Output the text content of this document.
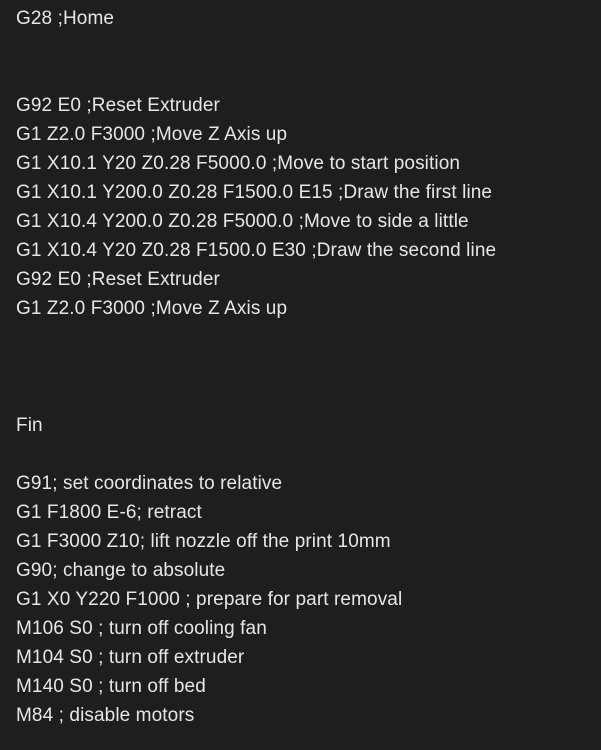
G28 ;Home
G92 E0 ;Reset Extruder
G1 Z2.0 F3000 ;Move Z Axis up
G1 X10.1 Y20 Z0.28 F5000.0 ;Move to start position
G1 X10.1 Y200.0 Z0.28 F1500.0 E15 ;Draw the first line
G1 X10.4 Y200.0 Z0.28 F5000.0 ;Move to side a little
G1 X10.4 Y20 Z0.28 F1500.0 E30 ;Draw the second line
G92 E0 ;Reset Extruder
G1 Z2.0 F3000 ;Move Z Axis up
Fin
G91; set coordinates to relative
G1 F1800 E-6; retract
G1 F3000 Z10; lift nozzle off the print 10mm
G90; change to absolute
G1 X0 Y220 F1000 ; prepare for part removal
M106 S0 ; turn off cooling fan
M104 S0 ; turn off extruder
M140 S0 ; turn off bed
M84 ; disable motors
